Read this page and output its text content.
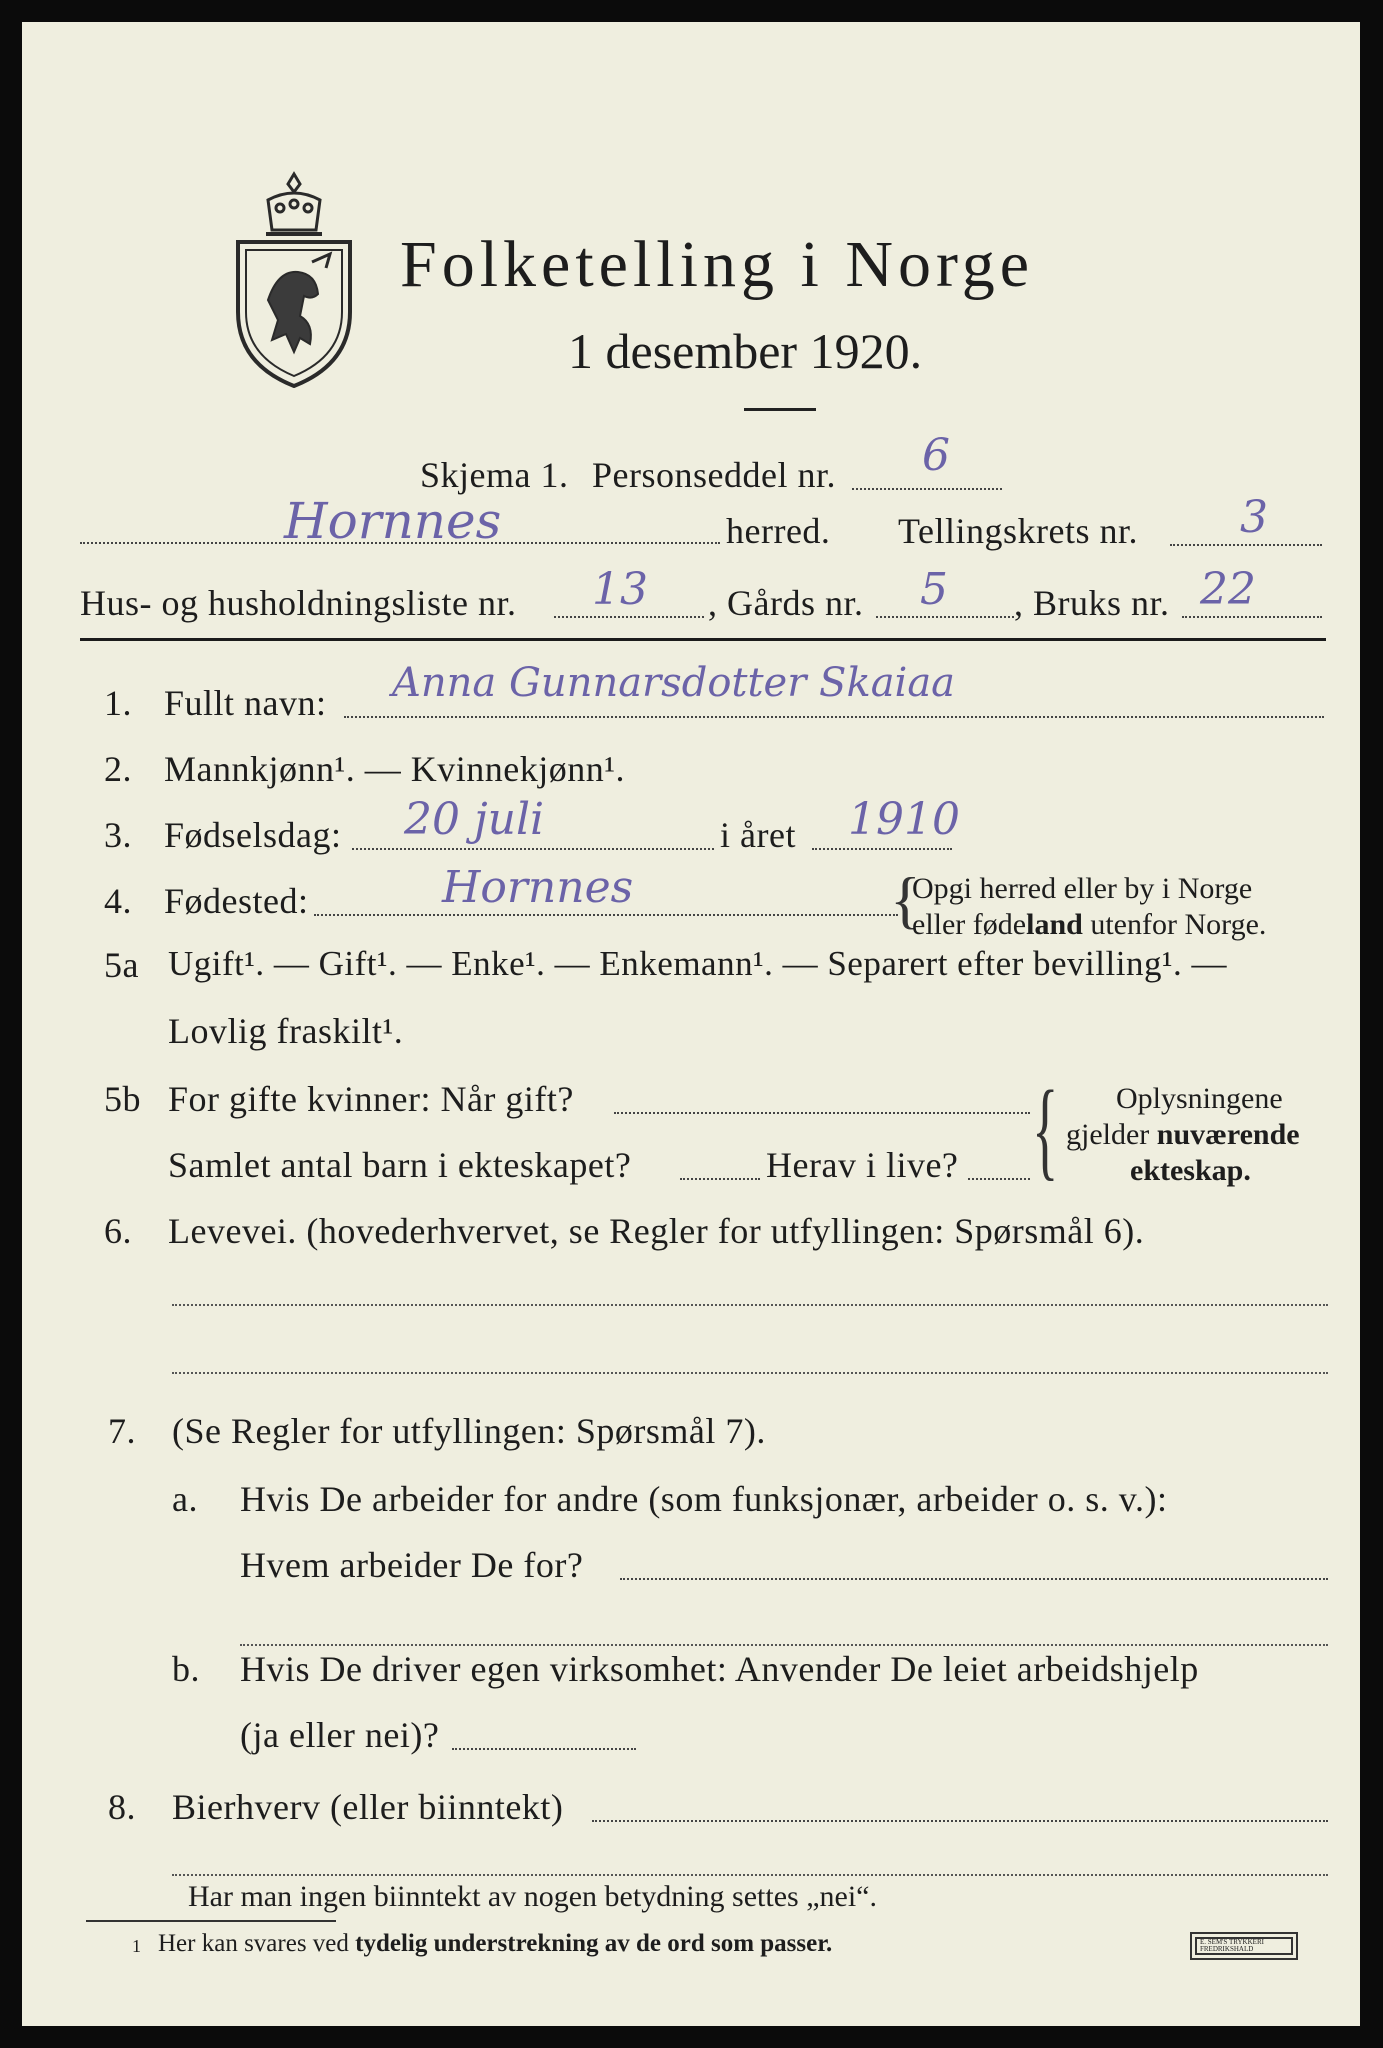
Folketelling i Norge
1 desember 1920.
Skjema 1. Personseddel nr. 6
Hornnes	herred. Tellingskrets nr. 3
Hus- og husholdningsliste nr. 13 , Gårds nr. 5 , Bruks nr. 22
1. Fullt navn: Anna Gunnarsdotter Skaiaa
2. Mannkjønn¹. — Kvinnekjønn¹.
3. Fødselsdag: 20 juli	i året 1910
4. Fødested:	Hornnes	{
Opgi herred eller by i Norge
eller fødeland utenfor Norge.
5a Ugift¹. — Gift¹. — Enke¹. — Enkemann¹. — Separert efter bevilling¹. —
Lovlig fraskilt¹.
5b For gifte kvinner: Når gift?
Samlet antal barn i ekteskapet?	Herav i live? { Oplysningene
gjelder nuværende
ekteskap.
6. Levevei. (hovederhvervet, se Regler for utfyllingen: Spørsmål 6).
7. (Se Regler for utfyllingen: Spørsmål 7).
a. Hvis De arbeider for andre (som funksjonær, arbeider o. s. v.):
Hvem arbeider De for?
b. Hvis De driver egen virksomhet: Anvender De leiet arbeidshjelp
(ja eller nei)?
8. Bierhverv (eller biinntekt)
Har man ingen biinntekt av nogen betydning settes „nei“.
1 Her kan svares ved tydelig understrekning av de ord som passer.	E. SEM'S TRYKKERI FREDRIKSHALD
